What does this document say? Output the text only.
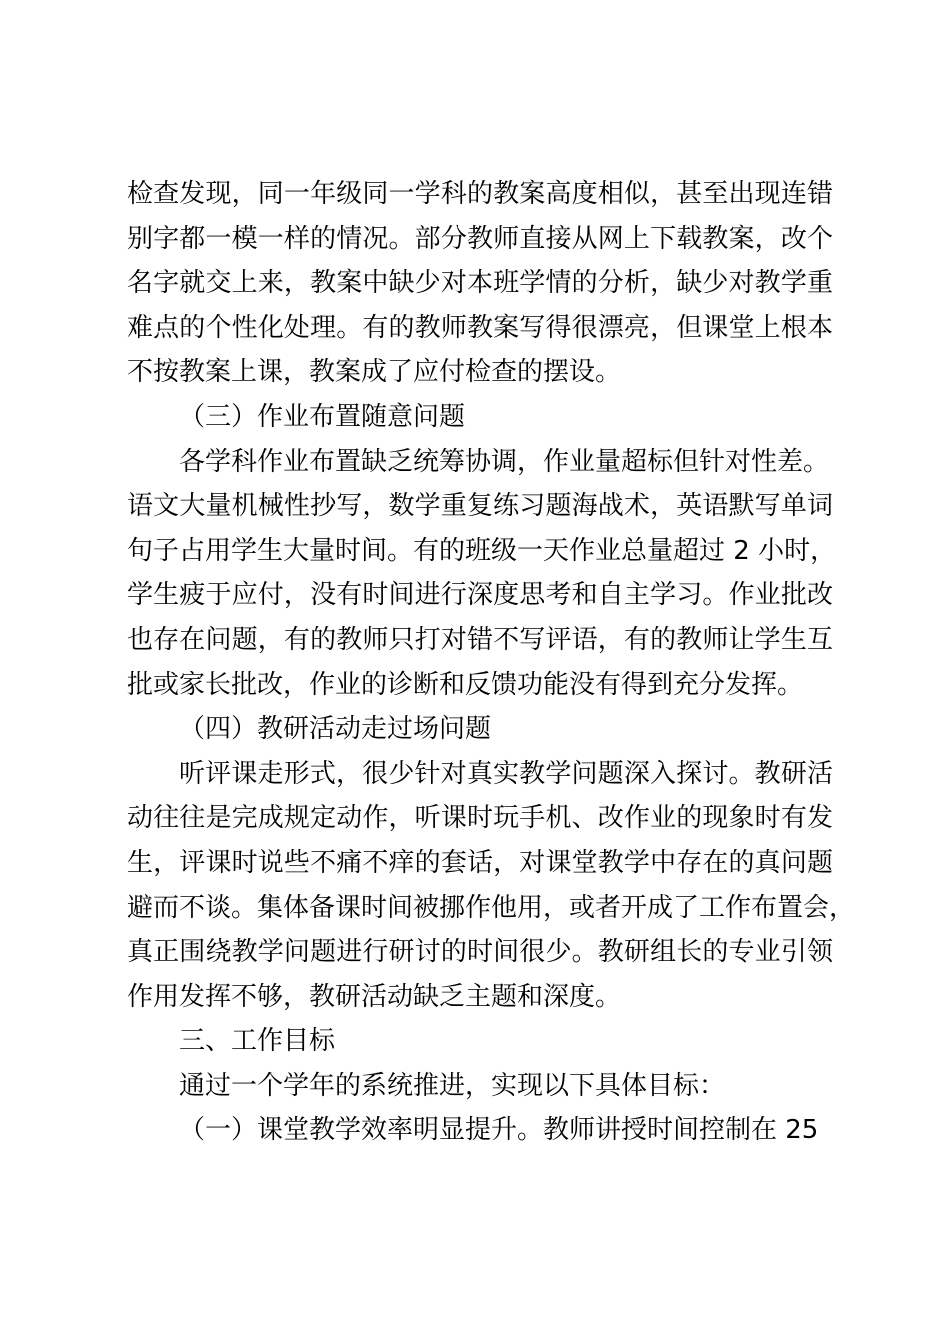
检查发现，同一年级同一学科的教案高度相似，甚至出现连错
别字都一模一样的情况。部分教师直接从网上下载教案，改个
名字就交上来，教案中缺少对本班学情的分析，缺少对教学重
难点的个性化处理。有的教师教案写得很漂亮，但课堂上根本
不按教案上课，教案成了应付检查的摆设。
（三）作业布置随意问题
各学科作业布置缺乏统筹协调，作业量超标但针对性差。
语文大量机械性抄写，数学重复练习题海战术，英语默写单词
句子占用学生大量时间。有的班级一天作业总量超过 2 小时，
学生疲于应付，没有时间进行深度思考和自主学习。作业批改
也存在问题，有的教师只打对错不写评语，有的教师让学生互
批或家长批改，作业的诊断和反馈功能没有得到充分发挥。
（四）教研活动走过场问题
听评课走形式，很少针对真实教学问题深入探讨。教研活
动往往是完成规定动作，听课时玩手机、改作业的现象时有发
生，评课时说些不痛不痒的套话，对课堂教学中存在的真问题
避而不谈。集体备课时间被挪作他用，或者开成了工作布置会，
真正围绕教学问题进行研讨的时间很少。教研组长的专业引领
作用发挥不够，教研活动缺乏主题和深度。
三、工作目标
通过一个学年的系统推进，实现以下具体目标：
（一）课堂教学效率明显提升。教师讲授时间控制在 25
